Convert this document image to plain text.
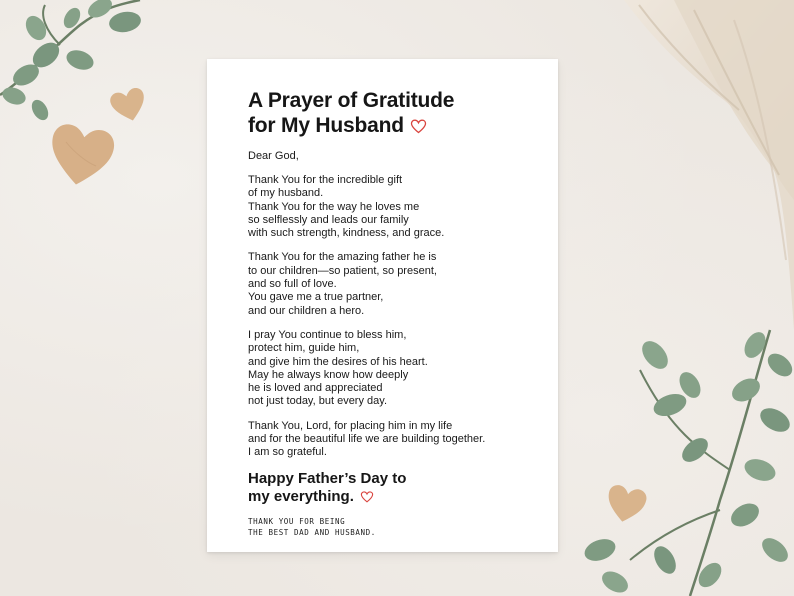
A Prayer of Gratitude
for My Husband

Dear God,

Thank You for the incredible gift
of my husband.
Thank You for the way he loves me
so selflessly and leads our family
with such strength, kindness, and grace.

Thank You for the amazing father he is
to our children—so patient, so present,
and so full of love.
You gave me a true partner,
and our children a hero.

I pray You continue to bless him,
protect him, guide him,
and give him the desires of his heart.
May he always know how deeply
he is loved and appreciated
not just today, but every day.

Thank You, Lord, for placing him in my life
and for the beautiful life we are building together.
I am so grateful.

Happy Father’s Day to
my everything.

THANK YOU FOR BEING
THE BEST DAD AND HUSBAND.
